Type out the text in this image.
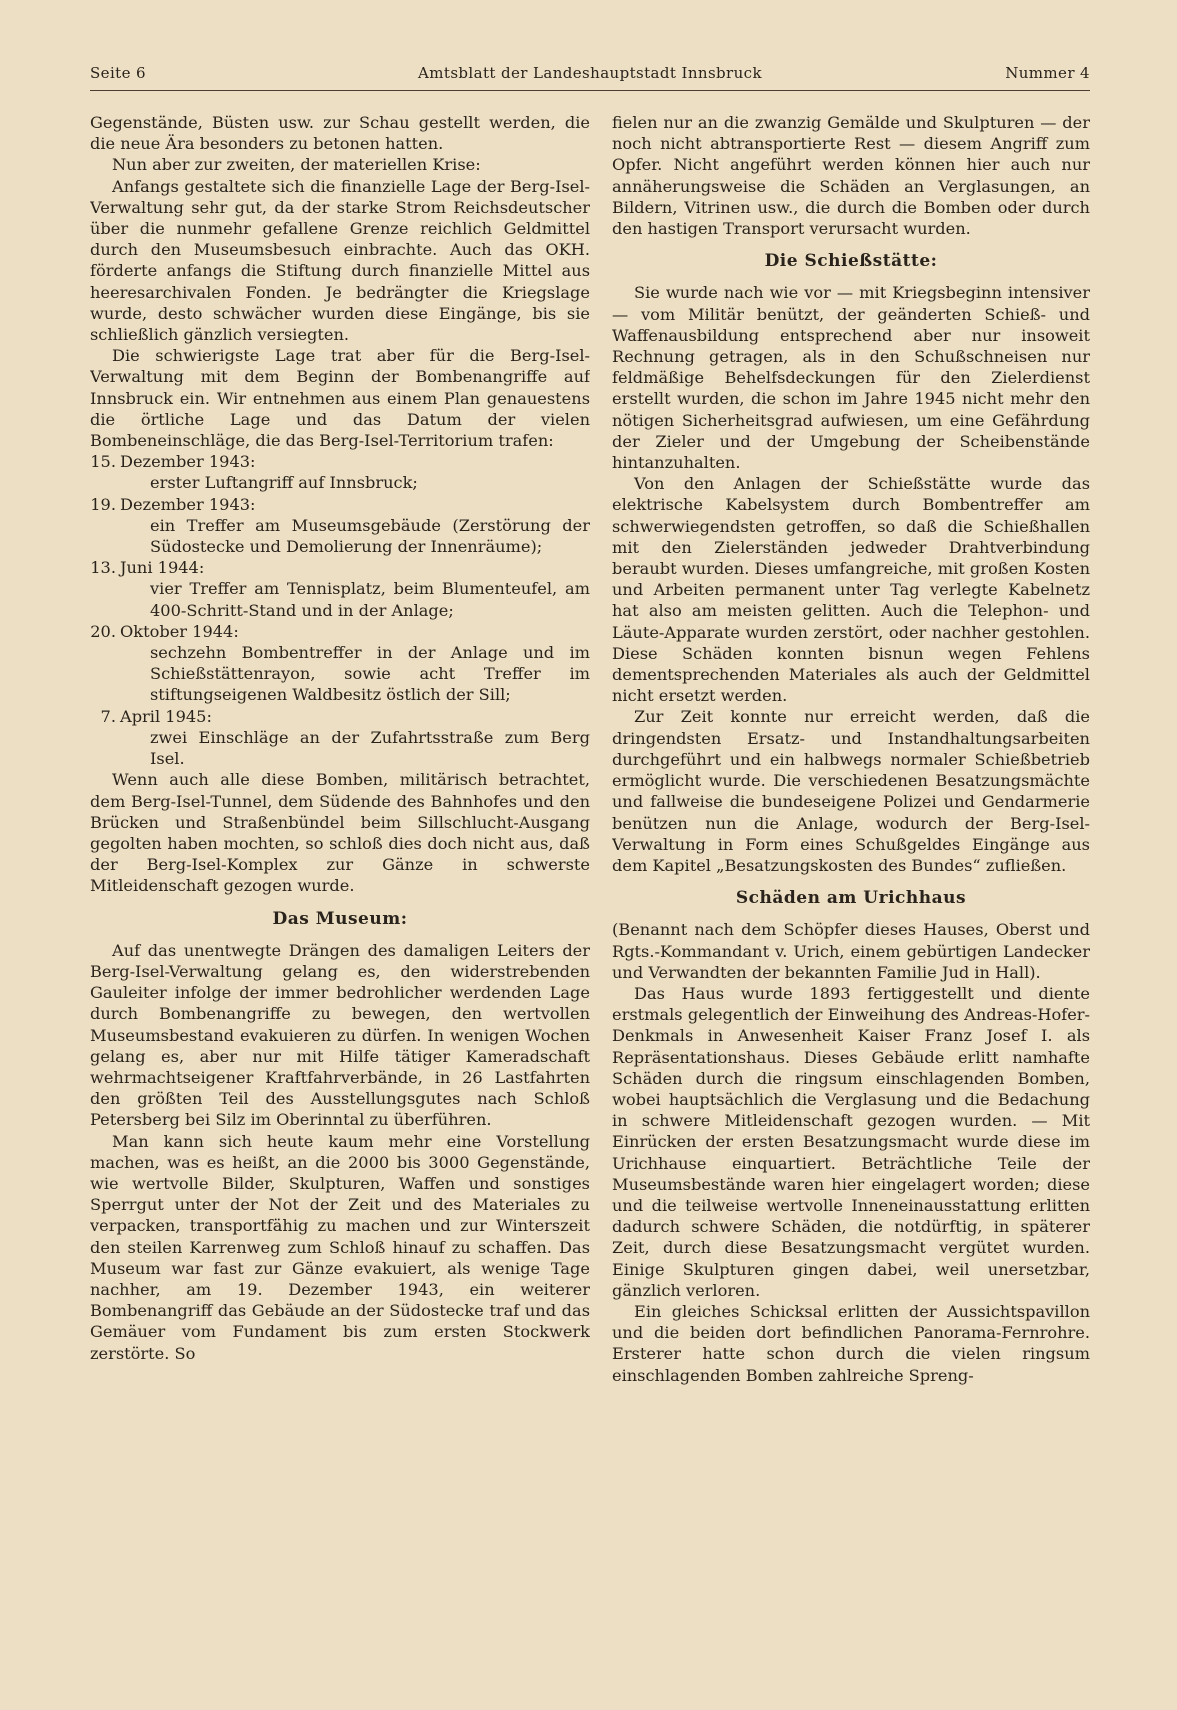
Seite 6	Amtsblatt der Landeshauptstadt Innsbruck	Nummer 4

Gegenstände, Büsten usw. zur Schau gestellt werden, die die neue Ära besonders zu betonen hatten.

Nun aber zur zweiten, der materiellen Krise:

Anfangs gestaltete sich die finanzielle Lage der Berg-Isel-Verwaltung sehr gut, da der starke Strom Reichsdeutscher über die nunmehr gefallene Grenze reichlich Geldmittel durch den Museumsbesuch einbrachte. Auch das OKH. förderte anfangs die Stiftung durch finanzielle Mittel aus heeresarchivalen Fonden. Je bedrängter die Kriegslage wurde, desto schwächer wurden diese Eingänge, bis sie schließlich gänzlich versiegten.

Die schwierigste Lage trat aber für die Berg-Isel-Verwaltung mit dem Beginn der Bombenangriffe auf Innsbruck ein. Wir entnehmen aus einem Plan genauestens die örtliche Lage und das Datum der vielen Bombeneinschläge, die das Berg-Isel-Territorium trafen:

15. Dezember 1943:
erster Luftangriff auf Innsbruck;
19. Dezember 1943:
ein Treffer am Museumsgebäude (Zerstörung der Südostecke und Demolierung der Innenräume);
13. Juni 1944:
vier Treffer am Tennisplatz, beim Blumenteufel, am 400-Schritt-Stand und in der Anlage;
20. Oktober 1944:
sechzehn Bombentreffer in der Anlage und im Schießstättenrayon, sowie acht Treffer im stiftungseigenen Waldbesitz östlich der Sill;
7. April 1945:
zwei Einschläge an der Zufahrtsstraße zum Berg Isel.

Wenn auch alle diese Bomben, militärisch betrachtet, dem Berg-Isel-Tunnel, dem Südende des Bahnhofes und den Brücken und Straßenbündel beim Sillschlucht-Ausgang gegolten haben mochten, so schloß dies doch nicht aus, daß der Berg-Isel-Komplex zur Gänze in schwerste Mitleidenschaft gezogen wurde.

Das Museum:

Auf das unentwegte Drängen des damaligen Leiters der Berg-Isel-Verwaltung gelang es, den widerstrebenden Gauleiter infolge der immer bedrohlicher werdenden Lage durch Bombenangriffe zu bewegen, den wertvollen Museumsbestand evakuieren zu dürfen. In wenigen Wochen gelang es, aber nur mit Hilfe tätiger Kameradschaft wehrmachtseigener Kraftfahrverbände, in 26 Lastfahrten den größten Teil des Ausstellungsgutes nach Schloß Petersberg bei Silz im Oberinntal zu überführen.

Man kann sich heute kaum mehr eine Vorstellung machen, was es heißt, an die 2000 bis 3000 Gegenstände, wie wertvolle Bilder, Skulpturen, Waffen und sonstiges Sperrgut unter der Not der Zeit und des Materiales zu verpacken, transportfähig zu machen und zur Winterszeit den steilen Karrenweg zum Schloß hinauf zu schaffen. Das Museum war fast zur Gänze evakuiert, als wenige Tage nachher, am 19. Dezember 1943, ein weiterer Bombenangriff das Gebäude an der Südostecke traf und das Gemäuer vom Fundament bis zum ersten Stockwerk zerstörte. So

fielen nur an die zwanzig Gemälde und Skulpturen — der noch nicht abtransportierte Rest — diesem Angriff zum Opfer. Nicht angeführt werden können hier auch nur annäherungsweise die Schäden an Verglasungen, an Bildern, Vitrinen usw., die durch die Bomben oder durch den hastigen Transport verursacht wurden.

Die Schießstätte:

Sie wurde nach wie vor — mit Kriegsbeginn intensiver — vom Militär benützt, der geänderten Schieß- und Waffenausbildung entsprechend aber nur insoweit Rechnung getragen, als in den Schußschneisen nur feldmäßige Behelfsdeckungen für den Zielerdienst erstellt wurden, die schon im Jahre 1945 nicht mehr den nötigen Sicherheitsgrad aufwiesen, um eine Gefährdung der Zieler und der Umgebung der Scheibenstände hintanzuhalten.

Von den Anlagen der Schießstätte wurde das elektrische Kabelsystem durch Bombentreffer am schwerwiegendsten getroffen, so daß die Schießhallen mit den Zielerständen jedweder Drahtverbindung beraubt wurden. Dieses umfangreiche, mit großen Kosten und Arbeiten permanent unter Tag verlegte Kabelnetz hat also am meisten gelitten. Auch die Telephon- und Läute-Apparate wurden zerstört, oder nachher gestohlen. Diese Schäden konnten bisnun wegen Fehlens dementsprechenden Materiales als auch der Geldmittel nicht ersetzt werden.

Zur Zeit konnte nur erreicht werden, daß die dringendsten Ersatz- und Instandhaltungsarbeiten durchgeführt und ein halbwegs normaler Schießbetrieb ermöglicht wurde. Die verschiedenen Besatzungsmächte und fallweise die bundeseigene Polizei und Gendarmerie benützen nun die Anlage, wodurch der Berg-Isel-Verwaltung in Form eines Schußgeldes Eingänge aus dem Kapitel „Besatzungskosten des Bundes“ zufließen.

Schäden am Urichhaus

(Benannt nach dem Schöpfer dieses Hauses, Oberst und Rgts.-Kommandant v. Urich, einem gebürtigen Landecker und Verwandten der bekannten Familie Jud in Hall).

Das Haus wurde 1893 fertiggestellt und diente erstmals gelegentlich der Einweihung des Andreas-Hofer-Denkmals in Anwesenheit Kaiser Franz Josef I. als Repräsentationshaus. Dieses Gebäude erlitt namhafte Schäden durch die ringsum einschlagenden Bomben, wobei hauptsächlich die Verglasung und die Bedachung in schwere Mitleidenschaft gezogen wurden. — Mit Einrücken der ersten Besatzungsmacht wurde diese im Urichhause einquartiert. Beträchtliche Teile der Museumsbestände waren hier eingelagert worden; diese und die teilweise wertvolle Inneneinausstattung erlitten dadurch schwere Schäden, die notdürftig, in späterer Zeit, durch diese Besatzungsmacht vergütet wurden. Einige Skulpturen gingen dabei, weil unersetzbar, gänzlich verloren.

Ein gleiches Schicksal erlitten der Aussichtspavillon und die beiden dort befindlichen Panorama-Fernrohre. Ersterer hatte schon durch die vielen ringsum einschlagenden Bomben zahlreiche Spreng-
